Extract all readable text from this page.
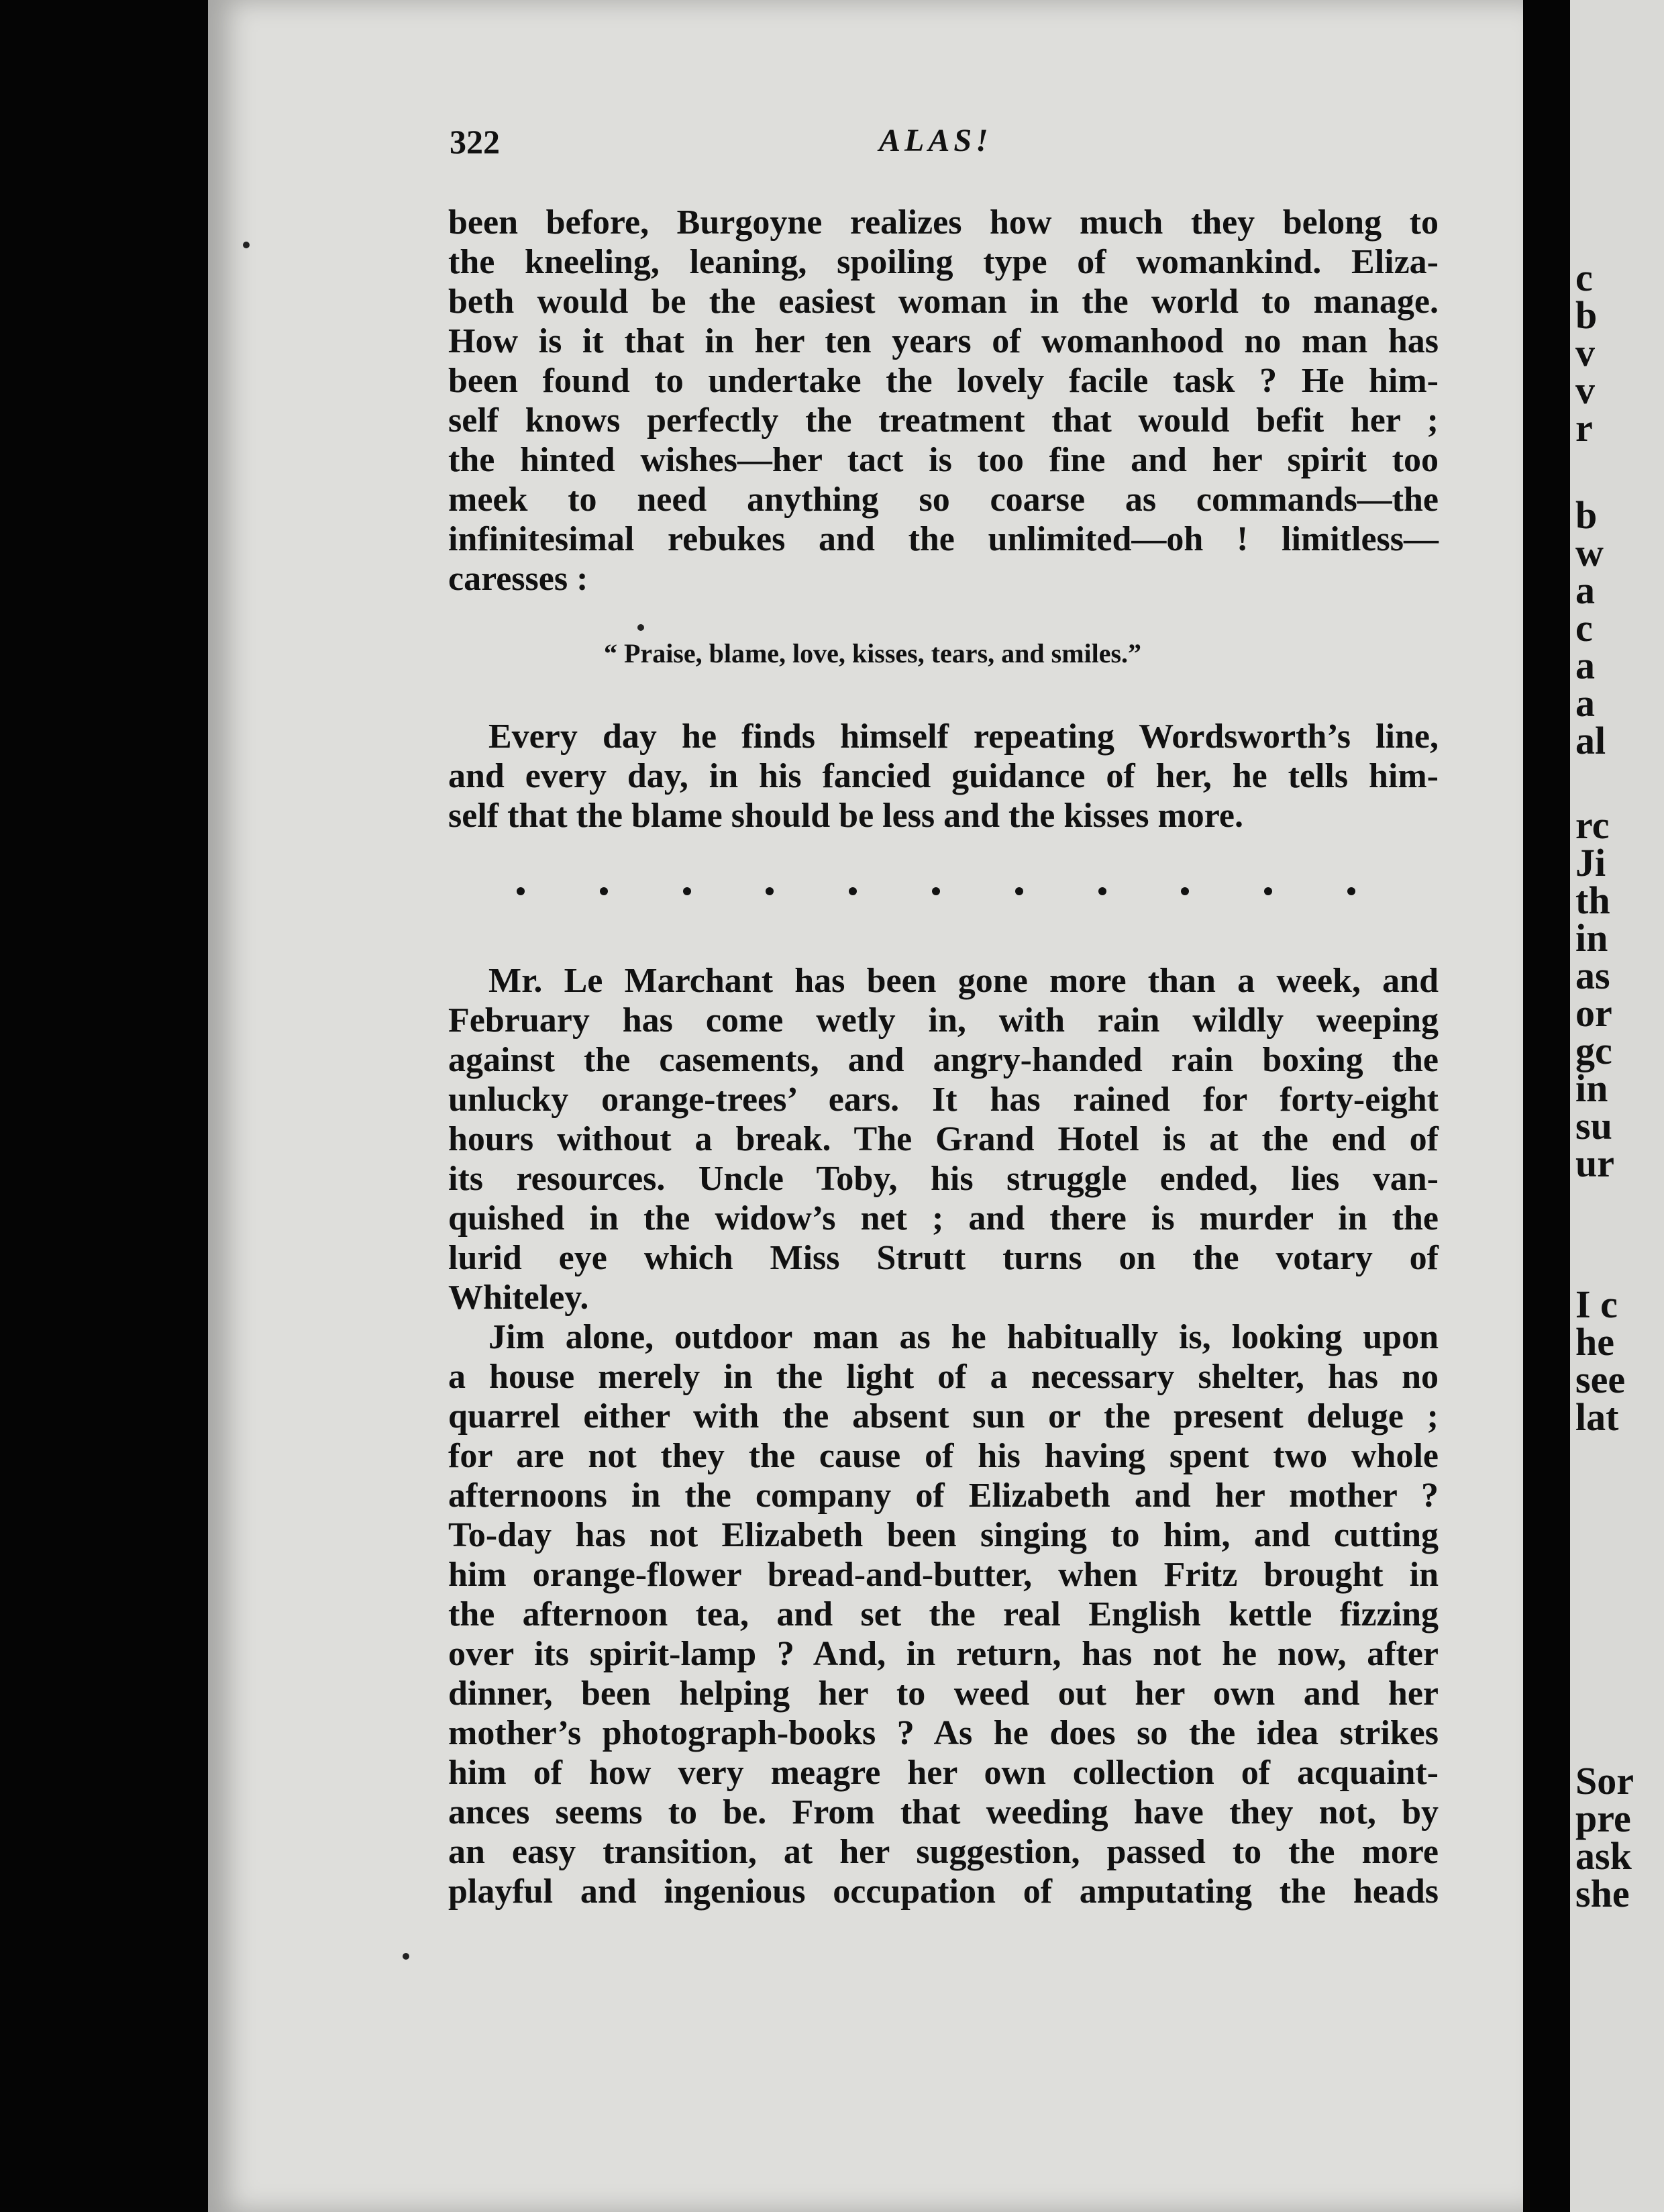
c
b
v
v
r
b
w
a
c
a
a
al
rc
Ji
th
in
as
or
gc
in
su
ur
I c
he
see
lat
Sor
pre
ask
she
322	ALAS!
been before, Burgoyne realizes how much they belong to
the kneeling, leaning, spoiling type of womankind. Eliza-
beth would be the easiest woman in the world to manage.
How is it that in her ten years of womanhood no man has
been found to undertake the lovely facile task ? He him-
self knows perfectly the treatment that would befit her ;
the hinted wishes—her tact is too fine and her spirit too
meek to need anything so coarse as commands—the
infinitesimal rebukes and the unlimited—oh ! limitless—
caresses :
“ Praise, blame, love, kisses, tears, and smiles.”
Every day he finds himself repeating Wordsworth’s line,
and every day, in his fancied guidance of her, he tells him-
self that the blame should be less and the kisses more.
Mr. Le Marchant has been gone more than a week, and
February has come wetly in, with rain wildly weeping
against the casements, and angry-handed rain boxing the
unlucky orange-trees’ ears. It has rained for forty-eight
hours without a break. The Grand Hotel is at the end of
its resources. Uncle Toby, his struggle ended, lies van-
quished in the widow’s net ; and there is murder in the
lurid eye which Miss Strutt turns on the votary of
Whiteley.
Jim alone, outdoor man as he habitually is, looking upon
a house merely in the light of a necessary shelter, has no
quarrel either with the absent sun or the present deluge ;
for are not they the cause of his having spent two whole
afternoons in the company of Elizabeth and her mother ?
To-day has not Elizabeth been singing to him, and cutting
him orange-flower bread-and-butter, when Fritz brought in
the afternoon tea, and set the real English kettle fizzing
over its spirit-lamp ? And, in return, has not he now, after
dinner, been helping her to weed out her own and her
mother’s photograph-books ? As he does so the idea strikes
him of how very meagre her own collection of acquaint-
ances seems to be. From that weeding have they not, by
an easy transition, at her suggestion, passed to the more
playful and ingenious occupation of amputating the heads
